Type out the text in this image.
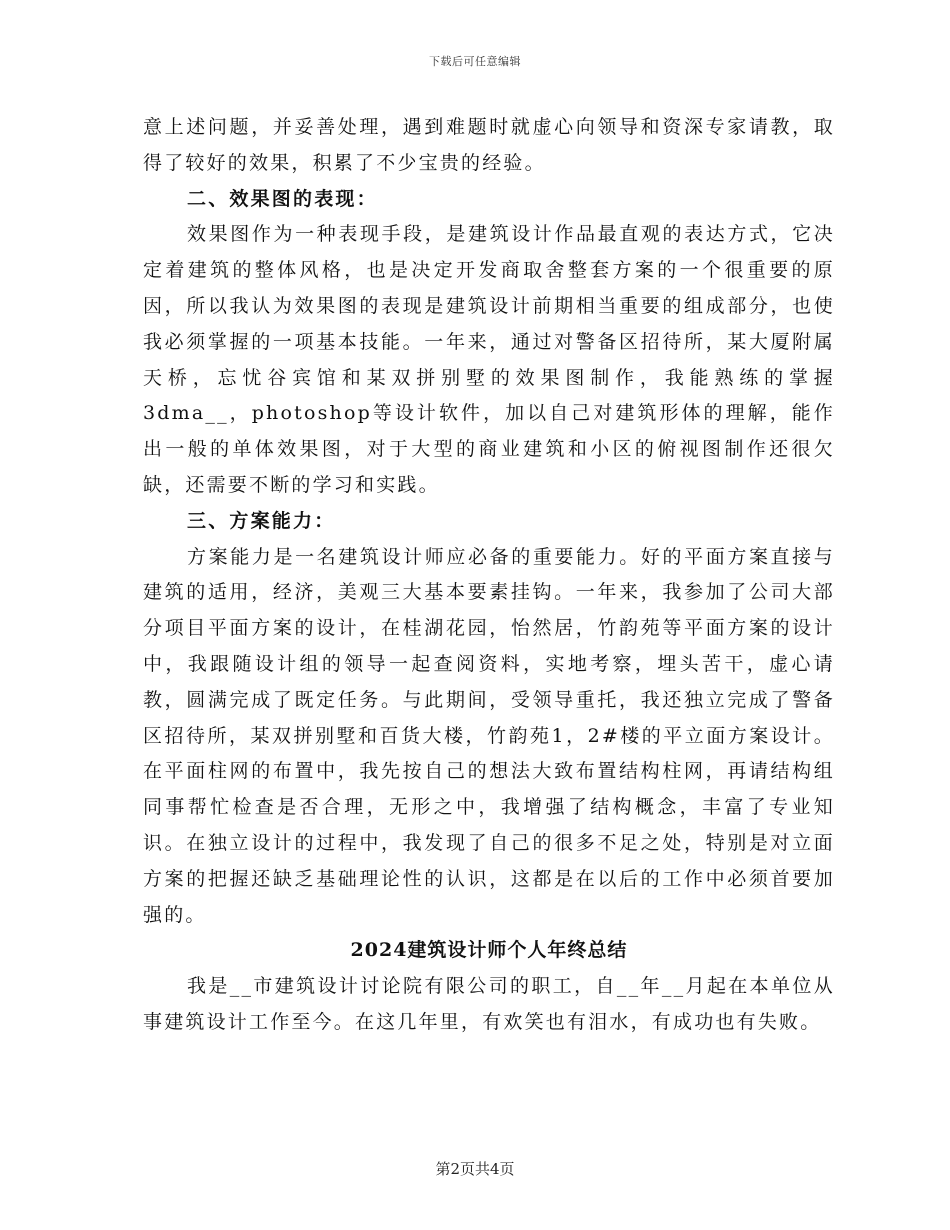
下载后可任意编辑

意上述问题，并妥善处理，遇到难题时就虚心向领导和资深专家请教，取得了较好的效果，积累了不少宝贵的经验。

二、效果图的表现：

效果图作为一种表现手段，是建筑设计作品最直观的表达方式，它决定着建筑的整体风格，也是决定开发商取舍整套方案的一个很重要的原因，所以我认为效果图的表现是建筑设计前期相当重要的组成部分，也使我必须掌握的一项基本技能。一年来，通过对警备区招待所，某大厦附属天桥，忘忧谷宾馆和某双拼别墅的效果图制作，我能熟练的掌握3dma__，photoshop等设计软件，加以自己对建筑形体的理解，能作出一般的单体效果图，对于大型的商业建筑和小区的俯视图制作还很欠缺，还需要不断的学习和实践。

三、方案能力：

方案能力是一名建筑设计师应必备的重要能力。好的平面方案直接与建筑的适用，经济，美观三大基本要素挂钩。一年来，我参加了公司大部分项目平面方案的设计，在桂湖花园，怡然居，竹韵苑等平面方案的设计中，我跟随设计组的领导一起查阅资料，实地考察，埋头苦干，虚心请教，圆满完成了既定任务。与此期间，受领导重托，我还独立完成了警备区招待所，某双拼别墅和百货大楼，竹韵苑1，2#楼的平立面方案设计。在平面柱网的布置中，我先按自己的想法大致布置结构柱网，再请结构组同事帮忙检查是否合理，无形之中，我增强了结构概念，丰富了专业知识。在独立设计的过程中，我发现了自己的很多不足之处，特别是对立面方案的把握还缺乏基础理论性的认识，这都是在以后的工作中必须首要加强的。

2024建筑设计师个人年终总结

我是__市建筑设计讨论院有限公司的职工，自__年__月起在本单位从事建筑设计工作至今。在这几年里，有欢笑也有泪水，有成功也有失败。

第2页共4页
